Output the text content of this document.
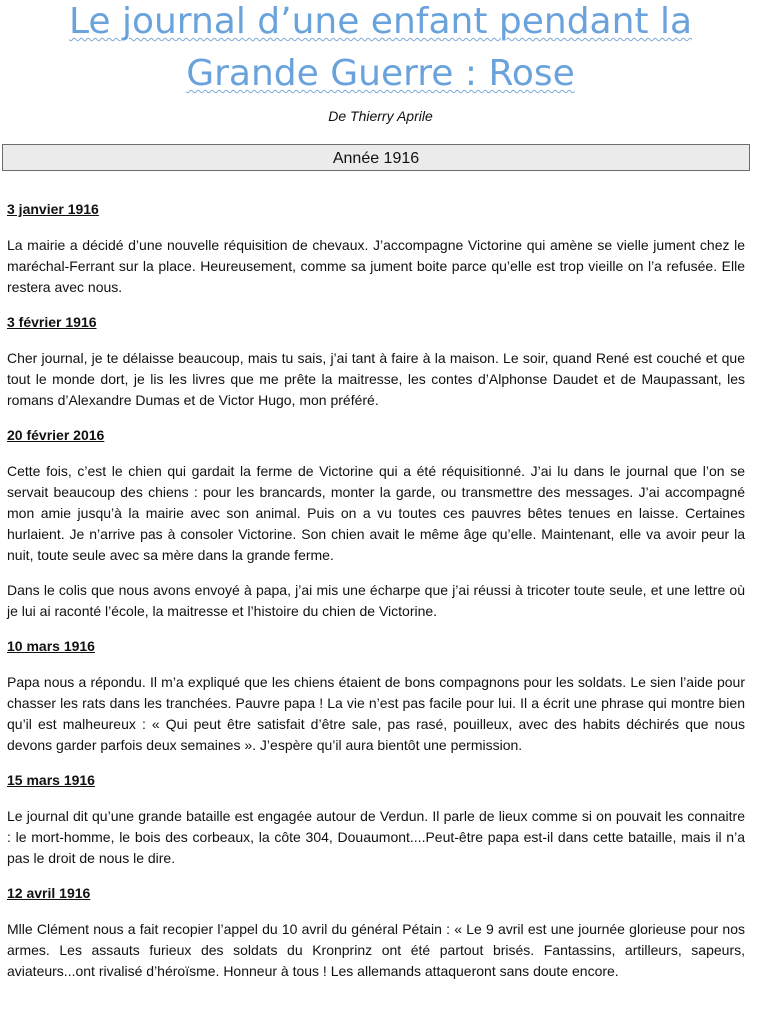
Le journal d’une enfant pendant la
Grande Guerre : Rose
De Thierry Aprile
Année 1916
3 janvier 1916

La mairie a décidé d’une nouvelle réquisition de chevaux. J’accompagne Victorine qui amène se vielle jument chez le maréchal-Ferrant sur la place. Heureusement, comme sa jument boite parce qu’elle est trop vieille on l’a refusée. Elle restera avec nous.

3 février 1916

Cher journal, je te délaisse beaucoup, mais tu sais, j’ai tant à faire à la maison. Le soir, quand René est couché et que tout le monde dort, je lis les livres que me prête la maitresse, les contes d’Alphonse Daudet et de Maupassant, les romans d’Alexandre Dumas et de Victor Hugo, mon préféré.

20 février 2016

Cette fois, c’est le chien qui gardait la ferme de Victorine qui a été réquisitionné. J’ai lu dans le journal que l’on se servait beaucoup des chiens : pour les brancards, monter la garde, ou transmettre des messages. J’ai accompagné mon amie jusqu’à la mairie avec son animal. Puis on a vu toutes ces pauvres bêtes tenues en laisse. Certaines hurlaient. Je n’arrive pas à consoler Victorine. Son chien avait le même âge qu’elle. Maintenant, elle va avoir peur la nuit, toute seule avec sa mère dans la grande ferme.

Dans le colis que nous avons envoyé à papa, j’ai mis une écharpe que j’ai réussi à tricoter toute seule, et une lettre où je lui ai raconté l’école, la maitresse et l’histoire du chien de Victorine.

10 mars 1916

Papa nous a répondu. Il m’a expliqué que les chiens étaient de bons compagnons pour les soldats. Le sien l’aide pour chasser les rats dans les tranchées. Pauvre papa ! La vie n’est pas facile pour lui. Il a écrit une phrase qui montre bien qu’il est malheureux : « Qui peut être satisfait d’être sale, pas rasé, pouilleux, avec des habits déchirés que nous devons garder parfois deux semaines ». J’espère qu’il aura bientôt une permission.

15 mars 1916

Le journal dit qu’une grande bataille est engagée autour de Verdun. Il parle de lieux comme si on pouvait les connaitre : le mort-homme, le bois des corbeaux, la côte 304, Douaumont....Peut-être papa est-il dans cette bataille, mais il n’a pas le droit de nous le dire.

12 avril 1916

Mlle Clément nous a fait recopier l’appel du 10 avril du général Pétain : « Le 9 avril est une journée glorieuse pour nos armes. Les assauts furieux des soldats du Kronprinz ont été partout brisés. Fantassins, artilleurs, sapeurs, aviateurs...ont rivalisé d’héroïsme. Honneur à tous ! Les allemands attaqueront sans doute encore.
